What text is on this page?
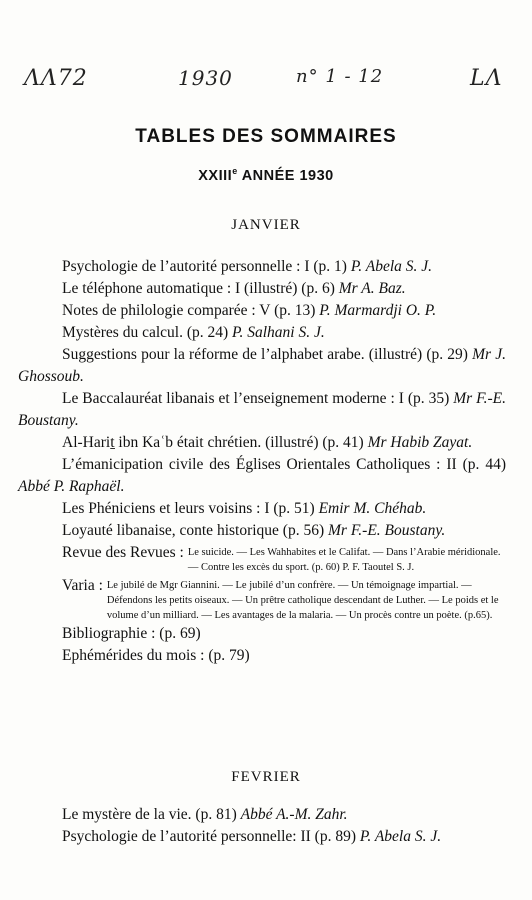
ΛΛ72	1930	n° 1 - 12	LΛ
TABLES DES SOMMAIRES
XXIIIe ANNÉE 1930
JANVIER

Psychologie de l’autorité personnelle : I (p. 1) P. Abela S. J.

Le téléphone automatique : I (illustré) (p. 6) Mr A. Baz.

Notes de philologie comparée : V (p. 13) P. Marmardji O. P.

Mystères du calcul. (p. 24) P. Salhani S. J.

Suggestions pour la réforme de l’alphabet arabe. (illustré) (p. 29) Mr J. Ghossoub.

Le Baccalauréat libanais et l’enseignement moderne : I (p. 35) Mr F.-E. Boustany.

Al-Hariṯ ibn Kaʿb était chrétien. (illustré) (p. 41) Mr Habib Zayat.

L’émanicipation civile des Églises Orientales Catholiques : II (p. 44) Abbé P. Raphaël.

Les Phéniciens et leurs voisins : I (p. 51) Emir M. Chéhab.

Loyauté libanaise, conte historique (p. 56) Mr F.-E. Boustany.

Revue des Revues : Le suicide. — Les Wahhabites et le Califat. — Dans l’Arabie méridionale. — Contre les excès du sport. (p. 60) P. F. Taoutel S. J.
Varia : Le jubilé de Mgr Giannini. — Le jubilé d’un confrère. — Un témoignage impartial. — Défendons les petits oiseaux. — Un prêtre catholique descendant de Luther. — Le poids et le volume d’un milliard. — Les avantages de la malaria. — Un procès contre un poète. (p.65).

Bibliographie : (p. 69)

Ephémérides du mois : (p. 79)

FEVRIER

Le mystère de la vie. (p. 81) Abbé A.-M. Zahr.

Psychologie de l’autorité personnelle: II (p. 89) P. Abela S. J.
